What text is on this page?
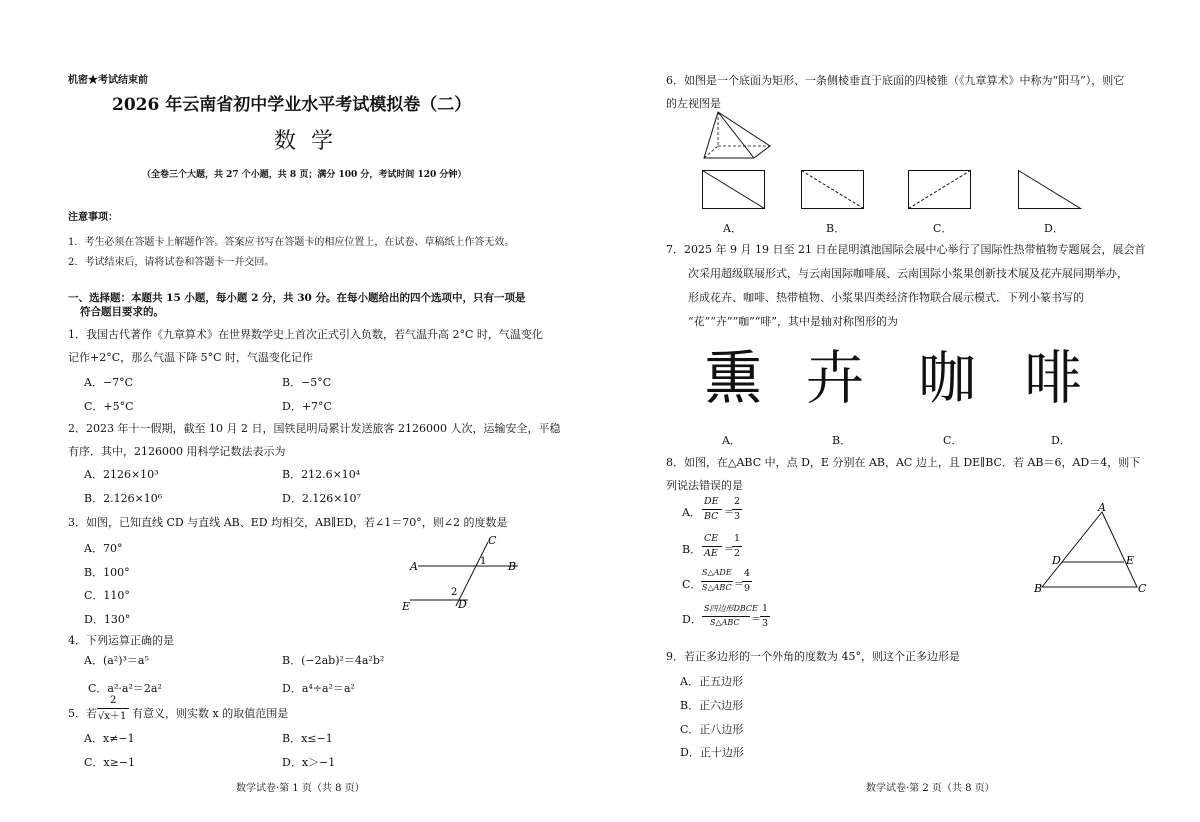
机密★考试结束前
2026 年云南省初中学业水平考试模拟卷（二）
数 学
（全卷三个大题，共 27 个小题，共 8 页；满分 100 分，考试时间 120 分钟）
注意事项：
1．考生必须在答题卡上解题作答。答案应书写在答题卡的相应位置上，在试卷、草稿纸上作答无效。
2．考试结束后，请将试卷和答题卡一并交回。
一、选择题：本题共 15 小题，每小题 2 分，共 30 分。在每小题给出的四个选项中，只有一项是
符合题目要求的。
1．我国古代著作《九章算术》在世界数学史上首次正式引入负数，若气温升高 2°C 时，气温变化
记作+2°C，那么气温下降 5°C 时，气温变化记作
A．−7°C	B．−5°C
C．+5°C	D．+7°C
2．2023 年十一假期，截至 10 月 2 日，国铁昆明局累计发送旅客 2126000 人次，运输安全，平稳
有序．其中，2126000 用科学记数法表示为
A．2126×10³	B．212.6×10⁴
B．2.126×10⁶	D．2.126×10⁷
3．如图，已知直线 CD 与直线 AB、ED 均相交，AB∥ED，若∠1＝70°，则∠2 的度数是
A．70°
B．100°
C．110°
D．130°
C
A	1 B
2
E	D
4．下列运算正确的是
A．(a²)³＝a⁵	B．(−2ab)²＝4a²b²
C．a²·a²＝2a²	D．a⁴÷a²＝a²
5．若
2
√x＋1 有意义，则实数 x 的取值范围是
A．x≠−1	B．x≤−1
C．x≥−1	D．x＞−1
数学试卷·第 1 页（共 8 页）
6．如图是一个底面为矩形、一条侧棱垂直于底面的四棱锥（《九章算术》中称为“阳马”），则它
的左视图是
A．	B．	C．	D．
7．2025 年 9 月 19 日至 21 日在昆明滇池国际会展中心举行了国际性热带植物专题展会，展会首
次采用超级联展形式，与云南国际咖啡展、云南国际小浆果创新技术展及花卉展同期举办，
形成花卉、咖啡、热带植物、小浆果四类经济作物联合展示模式．下列小篆书写的
“花”“卉”“咖”“啡”，其中是轴对称图形的为
𤋱 卉 咖 啡
A．	B．	C．	D．
8．如图，在△ABC 中，点 D，E 分别在 AB，AC 边上，且 DE∥BC．若 AB＝6，AD＝4，则下
列说法错误的是
A．
DE
BC ＝
2
3
B．
CE
AE ＝
1
2
C．
S△ADE
S△ABC ＝
4
9
D．
S四边形DBCE
S△ABC ＝
1
3
A
D	E
B	C
9．若正多边形的一个外角的度数为 45°，则这个正多边形是
A．正五边形
B．正六边形
C．正八边形
D．正十边形
数学试卷·第 2 页（共 8 页）
